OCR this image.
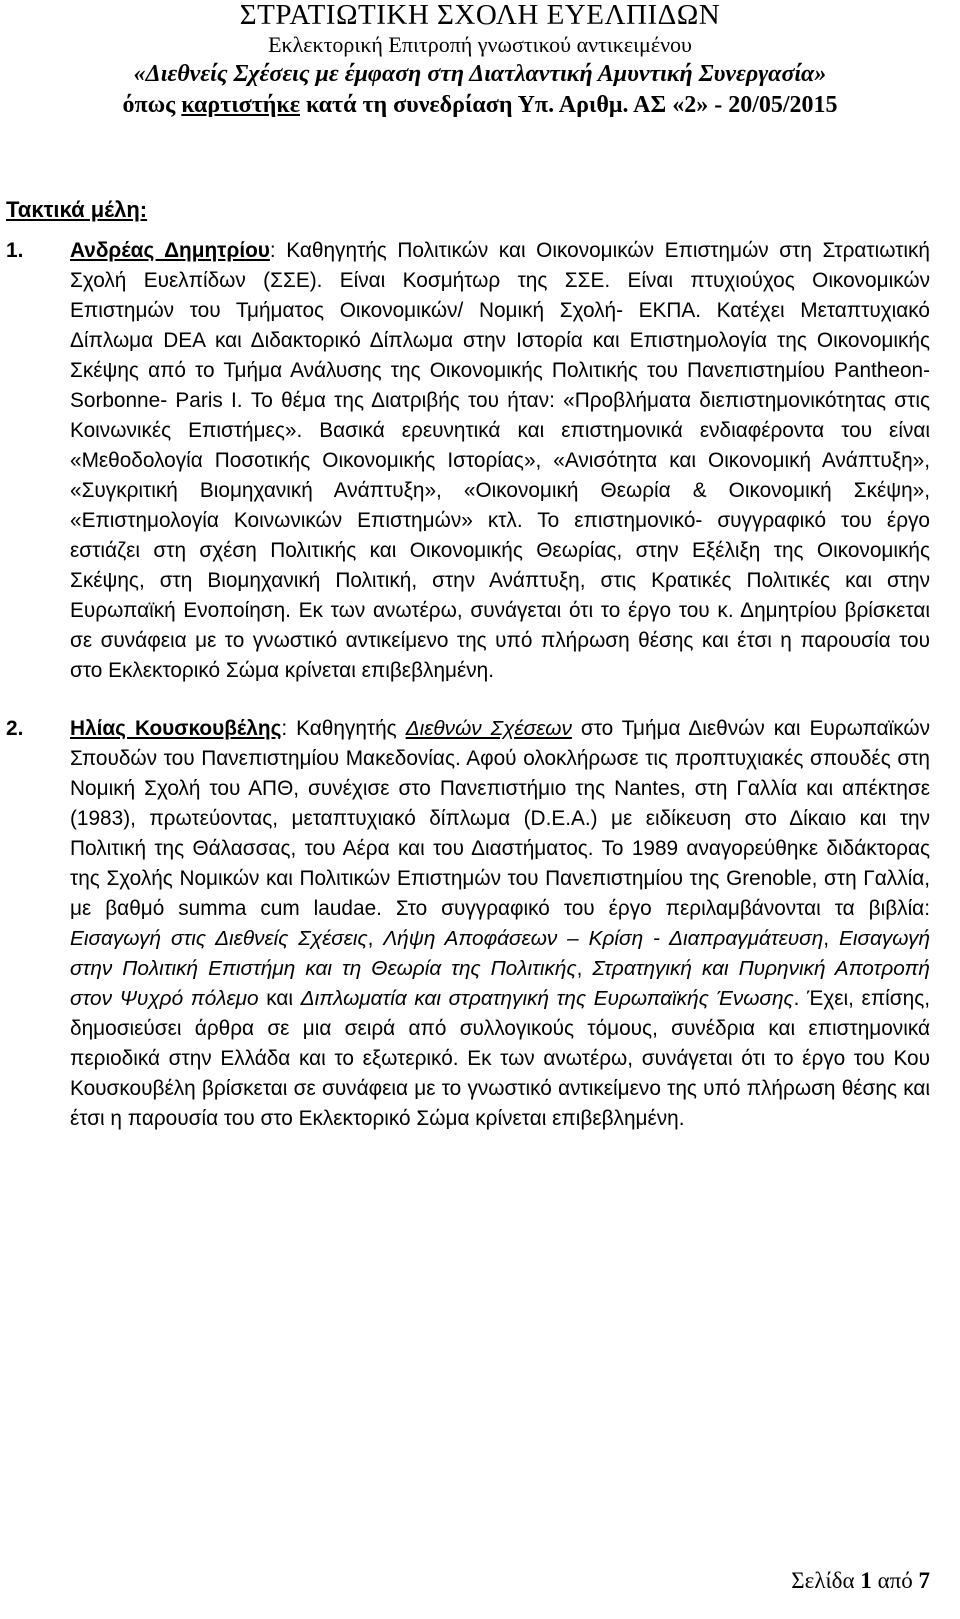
ΣΤΡΑΤΙΩΤΙΚΗ ΣΧΟΛΗ ΕΥΕΛΠΙΔΩΝ
Εκλεκτορική Επιτροπή γνωστικού αντικειμένου
«Διεθνείς Σχέσεις με έμφαση στη Διατλαντική Αμυντική Συνεργασία»
όπως καρτιστήκε κατά τη συνεδρίαση Υπ. Αριθμ. ΑΣ «2» - 20/05/2015
Τακτικά μέλη:
1. Ανδρέας Δημητρίου: Καθηγητής Πολιτικών και Οικονομικών Επιστημών στη Στρατιωτική Σχολή Ευελπίδων (ΣΣΕ). Είναι Κοσμήτωρ της ΣΣΕ. Είναι πτυχιούχος Οικονομικών Επιστημών του Τμήματος Οικονομικών/ Νομική Σχολή- ΕΚΠΑ. Κατέχει Μεταπτυχιακό Δίπλωμα DEA και Διδακτορικό Δίπλωμα στην Ιστορία και Επιστημολογία της Οικονομικής Σκέψης από το Τμήμα Ανάλυσης της Οικονομικής Πολιτικής του Πανεπιστημίου Pantheon- Sorbonne- Paris I. Το θέμα της Διατριβής του ήταν: «Προβλήματα διεπιστημονικότητας στις Κοινωνικές Επιστήμες». Βασικά ερευνητικά και επιστημονικά ενδιαφέροντα του είναι «Μεθοδολογία Ποσοτικής Οικονομικής Ιστορίας», «Ανισότητα και Οικονομική Ανάπτυξη», «Συγκριτική Βιομηχανική Ανάπτυξη», «Οικονομική Θεωρία & Οικονομική Σκέψη», «Επιστημολογία Κοινωνικών Επιστημών» κτλ. Το επιστημονικό- συγγραφικό του έργο εστιάζει στη σχέση Πολιτικής και Οικονομικής Θεωρίας, στην Εξέλιξη της Οικονομικής Σκέψης, στη Βιομηχανική Πολιτική, στην Ανάπτυξη, στις Κρατικές Πολιτικές και στην Ευρωπαϊκή Ενοποίηση. Εκ των ανωτέρω, συνάγεται ότι το έργο του κ. Δημητρίου βρίσκεται σε συνάφεια με το γνωστικό αντικείμενο της υπό πλήρωση θέσης και έτσι η παρουσία του στο Εκλεκτορικό Σώμα κρίνεται επιβεβλημένη.
2. Ηλίας Κουσκουβέλης: Καθηγητής Διεθνών Σχέσεων στο Τμήμα Διεθνών και Ευρωπαϊκών Σπουδών του Πανεπιστημίου Μακεδονίας. Αφού ολοκλήρωσε τις προπτυχιακές σπουδές στη Νομική Σχολή του ΑΠΘ, συνέχισε στο Πανεπιστήμιο της Nantes, στη Γαλλία και απέκτησε (1983), πρωτεύοντας, μεταπτυχιακό δίπλωμα (D.E.A.) με ειδίκευση στο Δίκαιο και την Πολιτική της Θάλασσας, του Αέρα και του Διαστήματος. Το 1989 αναγορεύθηκε διδάκτορας της Σχολής Νομικών και Πολιτικών Επιστημών του Πανεπιστημίου της Grenoble, στη Γαλλία, με βαθμό summa cum laudae. Στο συγγραφικό του έργο περιλαμβάνονται τα βιβλία: Εισαγωγή στις Διεθνείς Σχέσεις, Λήψη Αποφάσεων – Κρίση - Διαπραγμάτευση, Εισαγωγή στην Πολιτική Επιστήμη και τη Θεωρία της Πολιτικής, Στρατηγική και Πυρηνική Αποτροπή στον Ψυχρό πόλεμο και Διπλωματία και στρατηγική της Ευρωπαϊκής Ένωσης. Έχει, επίσης, δημοσιεύσει άρθρα σε μια σειρά από συλλογικούς τόμους, συνέδρια και επιστημονικά περιοδικά στην Ελλάδα και το εξωτερικό. Εκ των ανωτέρω, συνάγεται ότι το έργο του Κου Κουσκουβέλη βρίσκεται σε συνάφεια με το γνωστικό αντικείμενο της υπό πλήρωση θέσης και έτσι η παρουσία του στο Εκλεκτορικό Σώμα κρίνεται επιβεβλημένη.
Σελίδα 1 από 7
